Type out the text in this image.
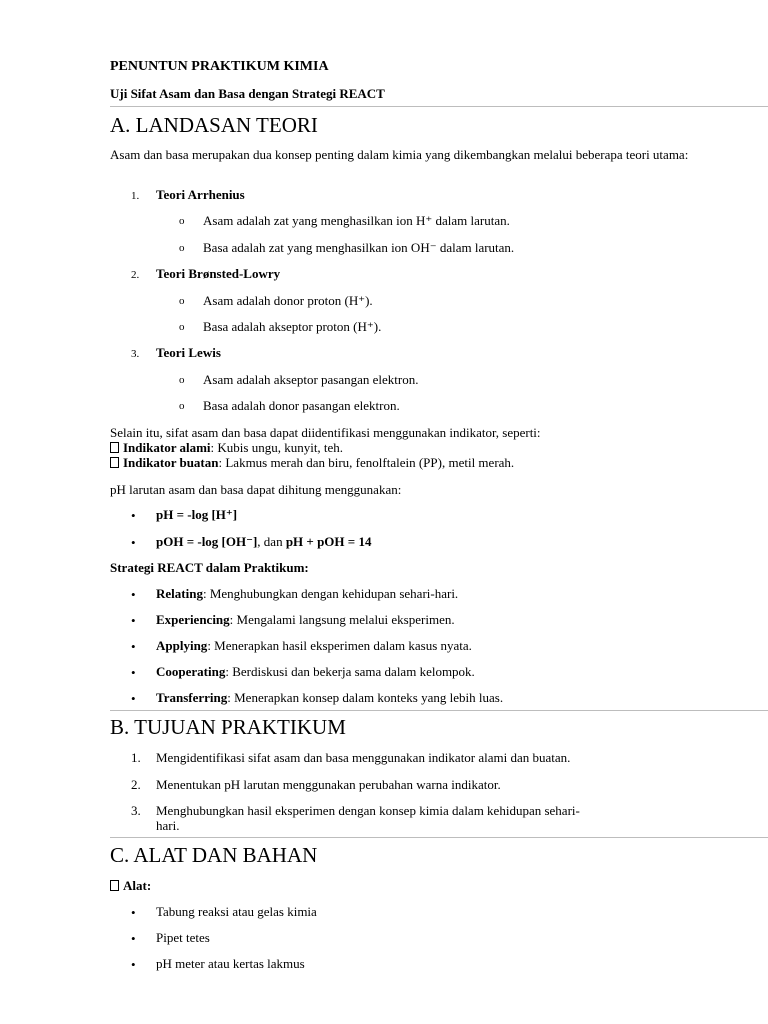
PENUNTUN PRAKTIKUM KIMIA
Uji Sifat Asam dan Basa dengan Strategi REACT
A. LANDASAN TEORI
Asam dan basa merupakan dua konsep penting dalam kimia yang dikembangkan melalui beberapa teori utama:
1. Teori Arrhenius
o Asam adalah zat yang menghasilkan ion H⁺ dalam larutan.
o Basa adalah zat yang menghasilkan ion OH⁻ dalam larutan.
2. Teori Brønsted-Lowry
o Asam adalah donor proton (H⁺).
o Basa adalah akseptor proton (H⁺).
3. Teori Lewis
o Asam adalah akseptor pasangan elektron.
o Basa adalah donor pasangan elektron.
Selain itu, sifat asam dan basa dapat diidentifikasi menggunakan indikator, seperti:
Indikator alami: Kubis ungu, kunyit, teh.
Indikator buatan: Lakmus merah dan biru, fenolftalein (PP), metil merah.
pH larutan asam dan basa dapat dihitung menggunakan:
• pH = -log [H⁺]
• pOH = -log [OH⁻], dan pH + pOH = 14
Strategi REACT dalam Praktikum:
• Relating: Menghubungkan dengan kehidupan sehari-hari.
• Experiencing: Mengalami langsung melalui eksperimen.
• Applying: Menerapkan hasil eksperimen dalam kasus nyata.
• Cooperating: Berdiskusi dan bekerja sama dalam kelompok.
• Transferring: Menerapkan konsep dalam konteks yang lebih luas.
B. TUJUAN PRAKTIKUM
1. Mengidentifikasi sifat asam dan basa menggunakan indikator alami dan buatan.
2. Menentukan pH larutan menggunakan perubahan warna indikator.
3. Menghubungkan hasil eksperimen dengan konsep kimia dalam kehidupan sehari-
hari.
C. ALAT DAN BAHAN
Alat:
• Tabung reaksi atau gelas kimia
• Pipet tetes
• pH meter atau kertas lakmus
